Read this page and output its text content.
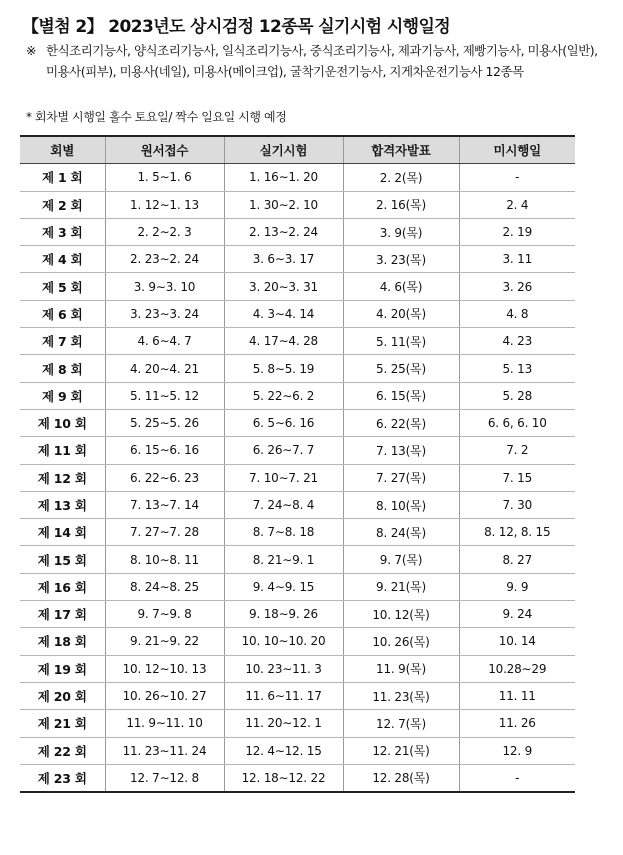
【별첨 2】 2023년도 상시검정 12종목 실기시험 시행일정
※ 한식조리기능사, 양식조리기능사, 일식조리기능사, 중식조리기능사, 제과기능사, 제빵기능사, 미용사(일반), 미용사(피부), 미용사(네일), 미용사(메이크업), 굴착기운전기능사, 지게차운전기능사 12종목
* 회차별 시행일 홀수 토요일/ 짝수 일요일 시행 예정
회별	원서접수	실기시험	합격자발표	미시행일
제 1 회	1. 5∼1. 6	1. 16∼1. 20	2. 2(목)	-
제 2 회	1. 12∼1. 13	1. 30∼2. 10	2. 16(목)	2. 4
제 3 회	2. 2∼2. 3	2. 13∼2. 24	3. 9(목)	2. 19
제 4 회	2. 23∼2. 24	3. 6∼3. 17	3. 23(목)	3. 11
제 5 회	3. 9∼3. 10	3. 20∼3. 31	4. 6(목)	3. 26
제 6 회	3. 23∼3. 24	4. 3∼4. 14	4. 20(목)	4. 8
제 7 회	4. 6∼4. 7	4. 17∼4. 28	5. 11(목)	4. 23
제 8 회	4. 20∼4. 21	5. 8∼5. 19	5. 25(목)	5. 13
제 9 회	5. 11∼5. 12	5. 22∼6. 2	6. 15(목)	5. 28
제 10 회	5. 25∼5. 26	6. 5∼6. 16	6. 22(목)	6. 6, 6. 10
제 11 회	6. 15∼6. 16	6. 26∼7. 7	7. 13(목)	7. 2
제 12 회	6. 22∼6. 23	7. 10∼7. 21	7. 27(목)	7. 15
제 13 회	7. 13∼7. 14	7. 24∼8. 4	8. 10(목)	7. 30
제 14 회	7. 27∼7. 28	8. 7∼8. 18	8. 24(목)	8. 12, 8. 15
제 15 회	8. 10∼8. 11	8. 21∼9. 1	9. 7(목)	8. 27
제 16 회	8. 24∼8. 25	9. 4∼9. 15	9. 21(목)	9. 9
제 17 회	9. 7∼9. 8	9. 18∼9. 26	10. 12(목)	9. 24
제 18 회	9. 21∼9. 22	10. 10∼10. 20	10. 26(목)	10. 14
제 19 회	10. 12∼10. 13	10. 23∼11. 3	11. 9(목)	10.28∼29
제 20 회	10. 26∼10. 27	11. 6∼11. 17	11. 23(목)	11. 11
제 21 회	11. 9∼11. 10	11. 20∼12. 1	12. 7(목)	11. 26
제 22 회	11. 23∼11. 24	12. 4∼12. 15	12. 21(목)	12. 9
제 23 회	12. 7∼12. 8	12. 18∼12. 22	12. 28(목)	-
